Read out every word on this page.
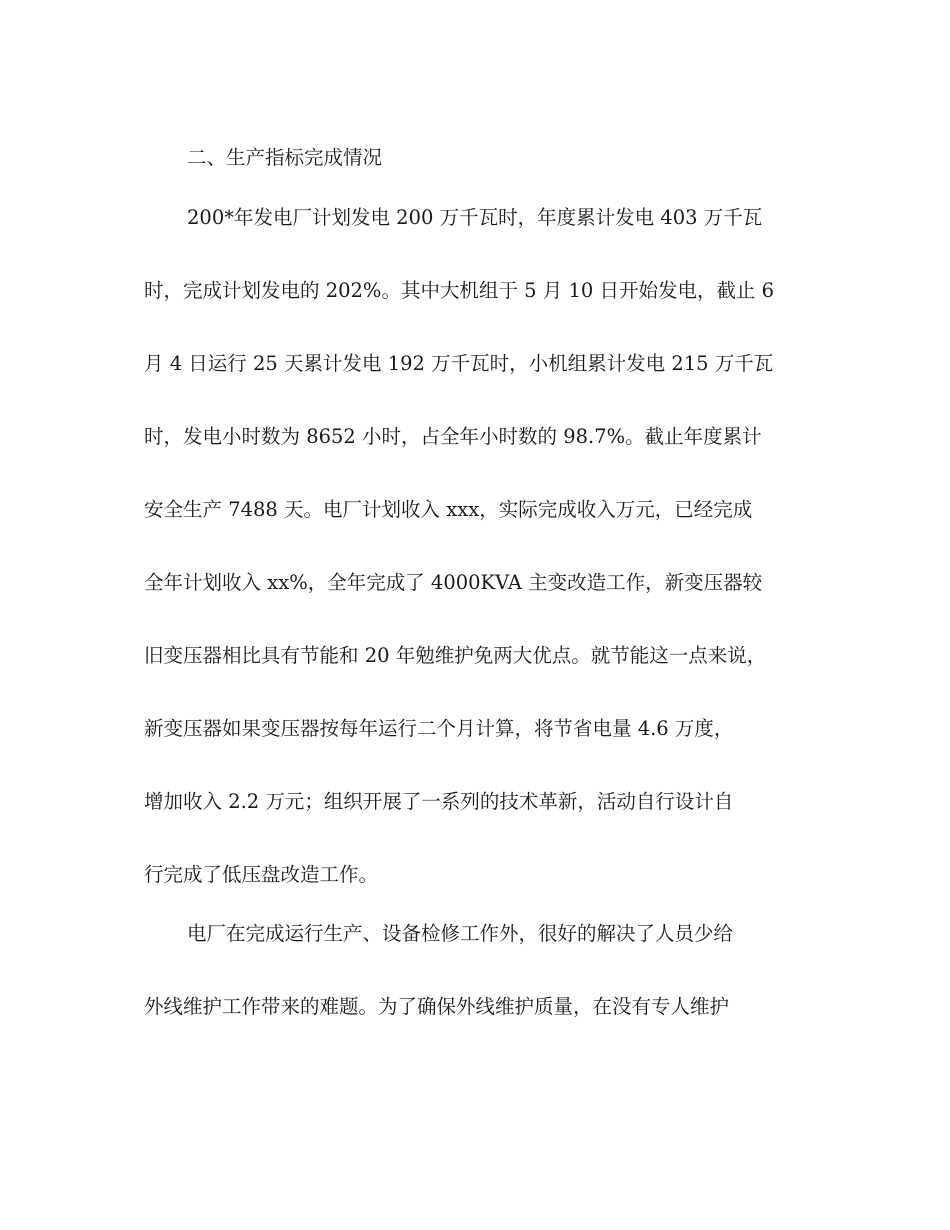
二、生产指标完成情况

200*年发电厂计划发电 200 万千瓦时，年度累计发电 403 万千瓦

时，完成计划发电的 202%。其中大机组于 5 月 10 日开始发电，截止 6

月 4 日运行 25 天累计发电 192 万千瓦时，小机组累计发电 215 万千瓦

时，发电小时数为 8652 小时，占全年小时数的 98.7%。截止年度累计

安全生产 7488 天。电厂计划收入 xxx，实际完成收入万元，已经完成

全年计划收入 xx%，全年完成了 4000KVA 主变改造工作，新变压器较

旧变压器相比具有节能和 20 年勉维护免两大优点。就节能这一点来说，

新变压器如果变压器按每年运行二个月计算，将节省电量 4.6 万度，

增加收入 2.2 万元；组织开展了一系列的技术革新，活动自行设计自

行完成了低压盘改造工作。

电厂在完成运行生产、设备检修工作外，很好的解决了人员少给

外线维护工作带来的难题。为了确保外线维护质量，在没有专人维护
